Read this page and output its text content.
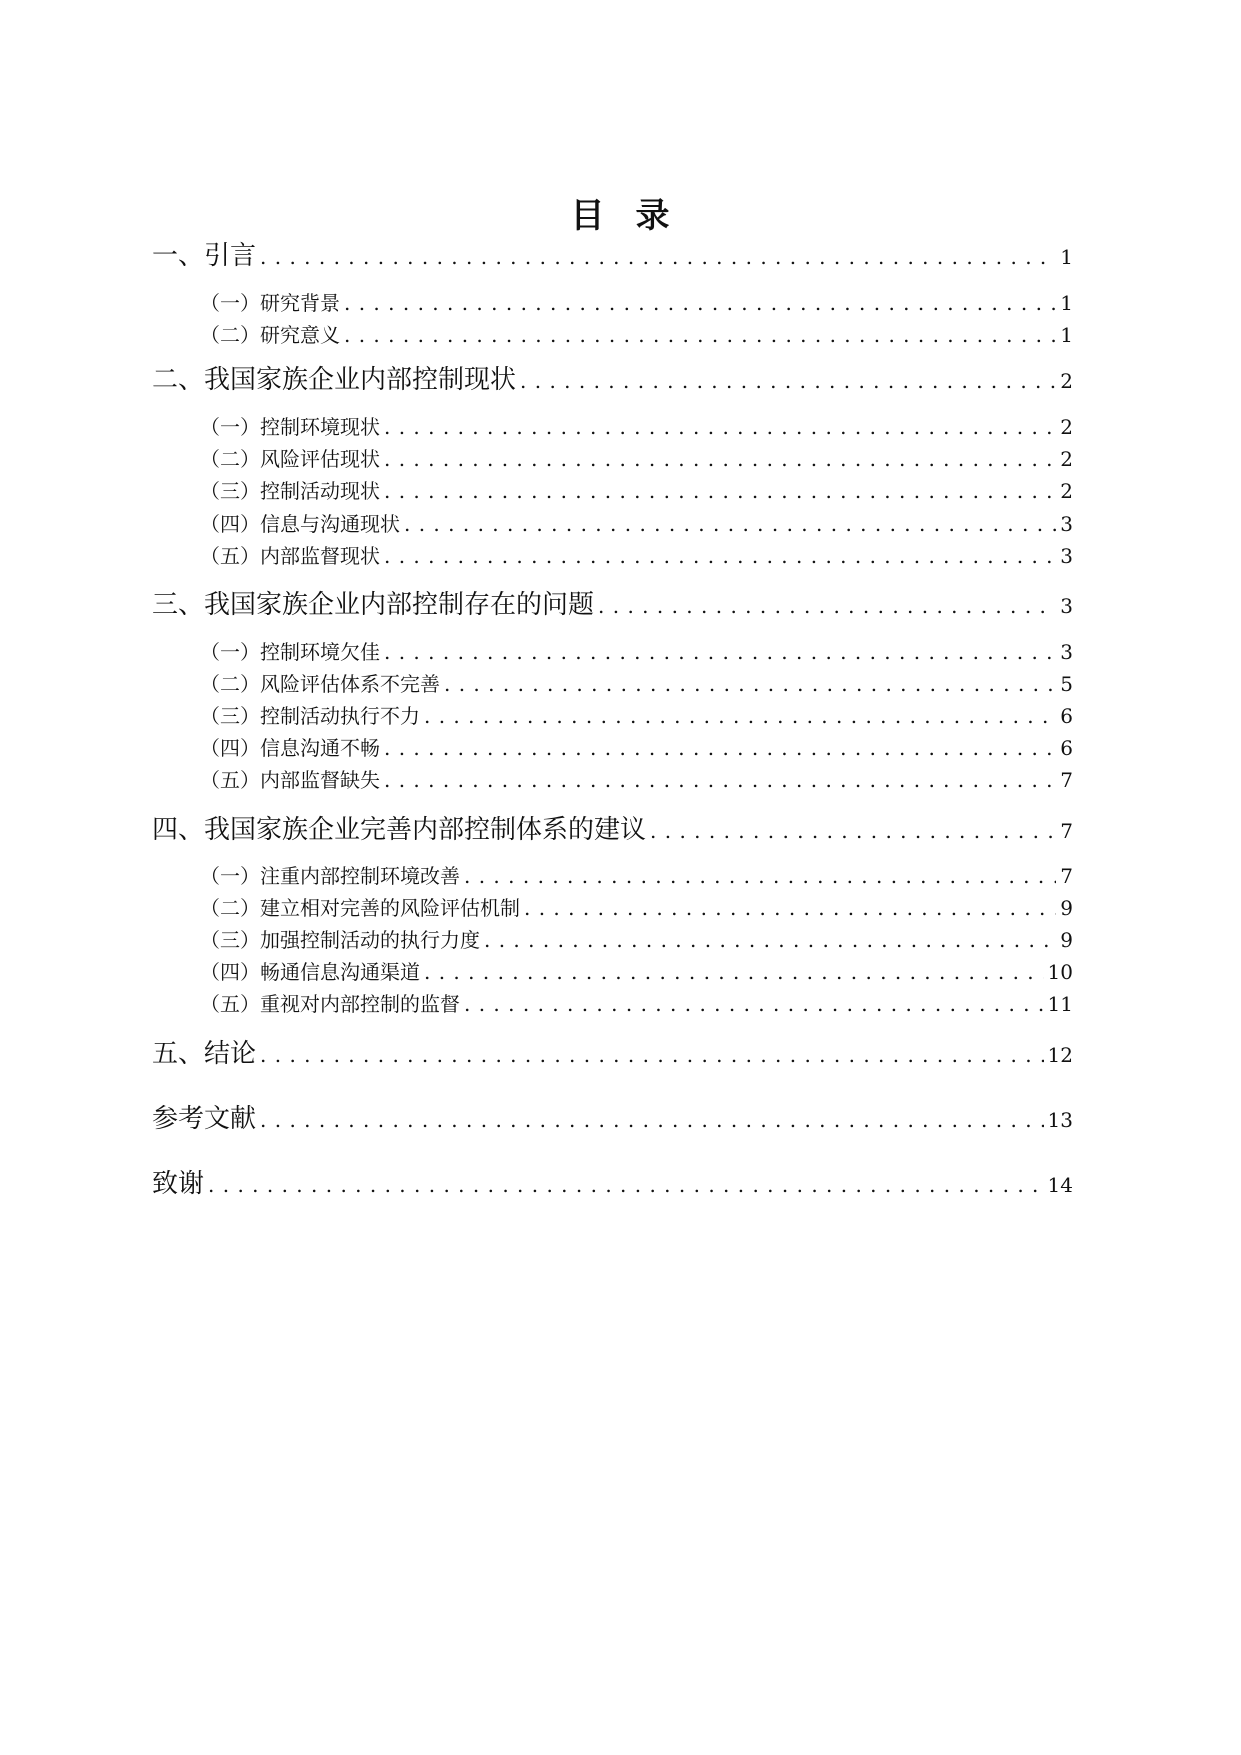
目 录
一、引言 . . .	1
（一）研究背景 . . .	1
（二）研究意义 . . .	1
二、我国家族企业内部控制现状 . . .	2
（一）控制环境现状 . . .	2
（二）风险评估现状 . . .	2
（三）控制活动现状 . . .	2
（四）信息与沟通现状 . . .	3
（五）内部监督现状 . . .	3
三、我国家族企业内部控制存在的问题 . . .	3
（一）控制环境欠佳 . . .	3
（二）风险评估体系不完善 . . .	5
（三）控制活动执行不力 . . .	6
（四）信息沟通不畅 . . .	6
（五）内部监督缺失 . . .	7
四、我国家族企业完善内部控制体系的建议 . . .	7
（一）注重内部控制环境改善 . . .	7
（二）建立相对完善的风险评估机制 . . .	9
（三）加强控制活动的执行力度 . . .	9
（四）畅通信息沟通渠道 . . .	10
（五）重视对内部控制的监督 . . .	11
五、结论 . . .	12
参考文献 . . .	13
致谢 . . .	14
